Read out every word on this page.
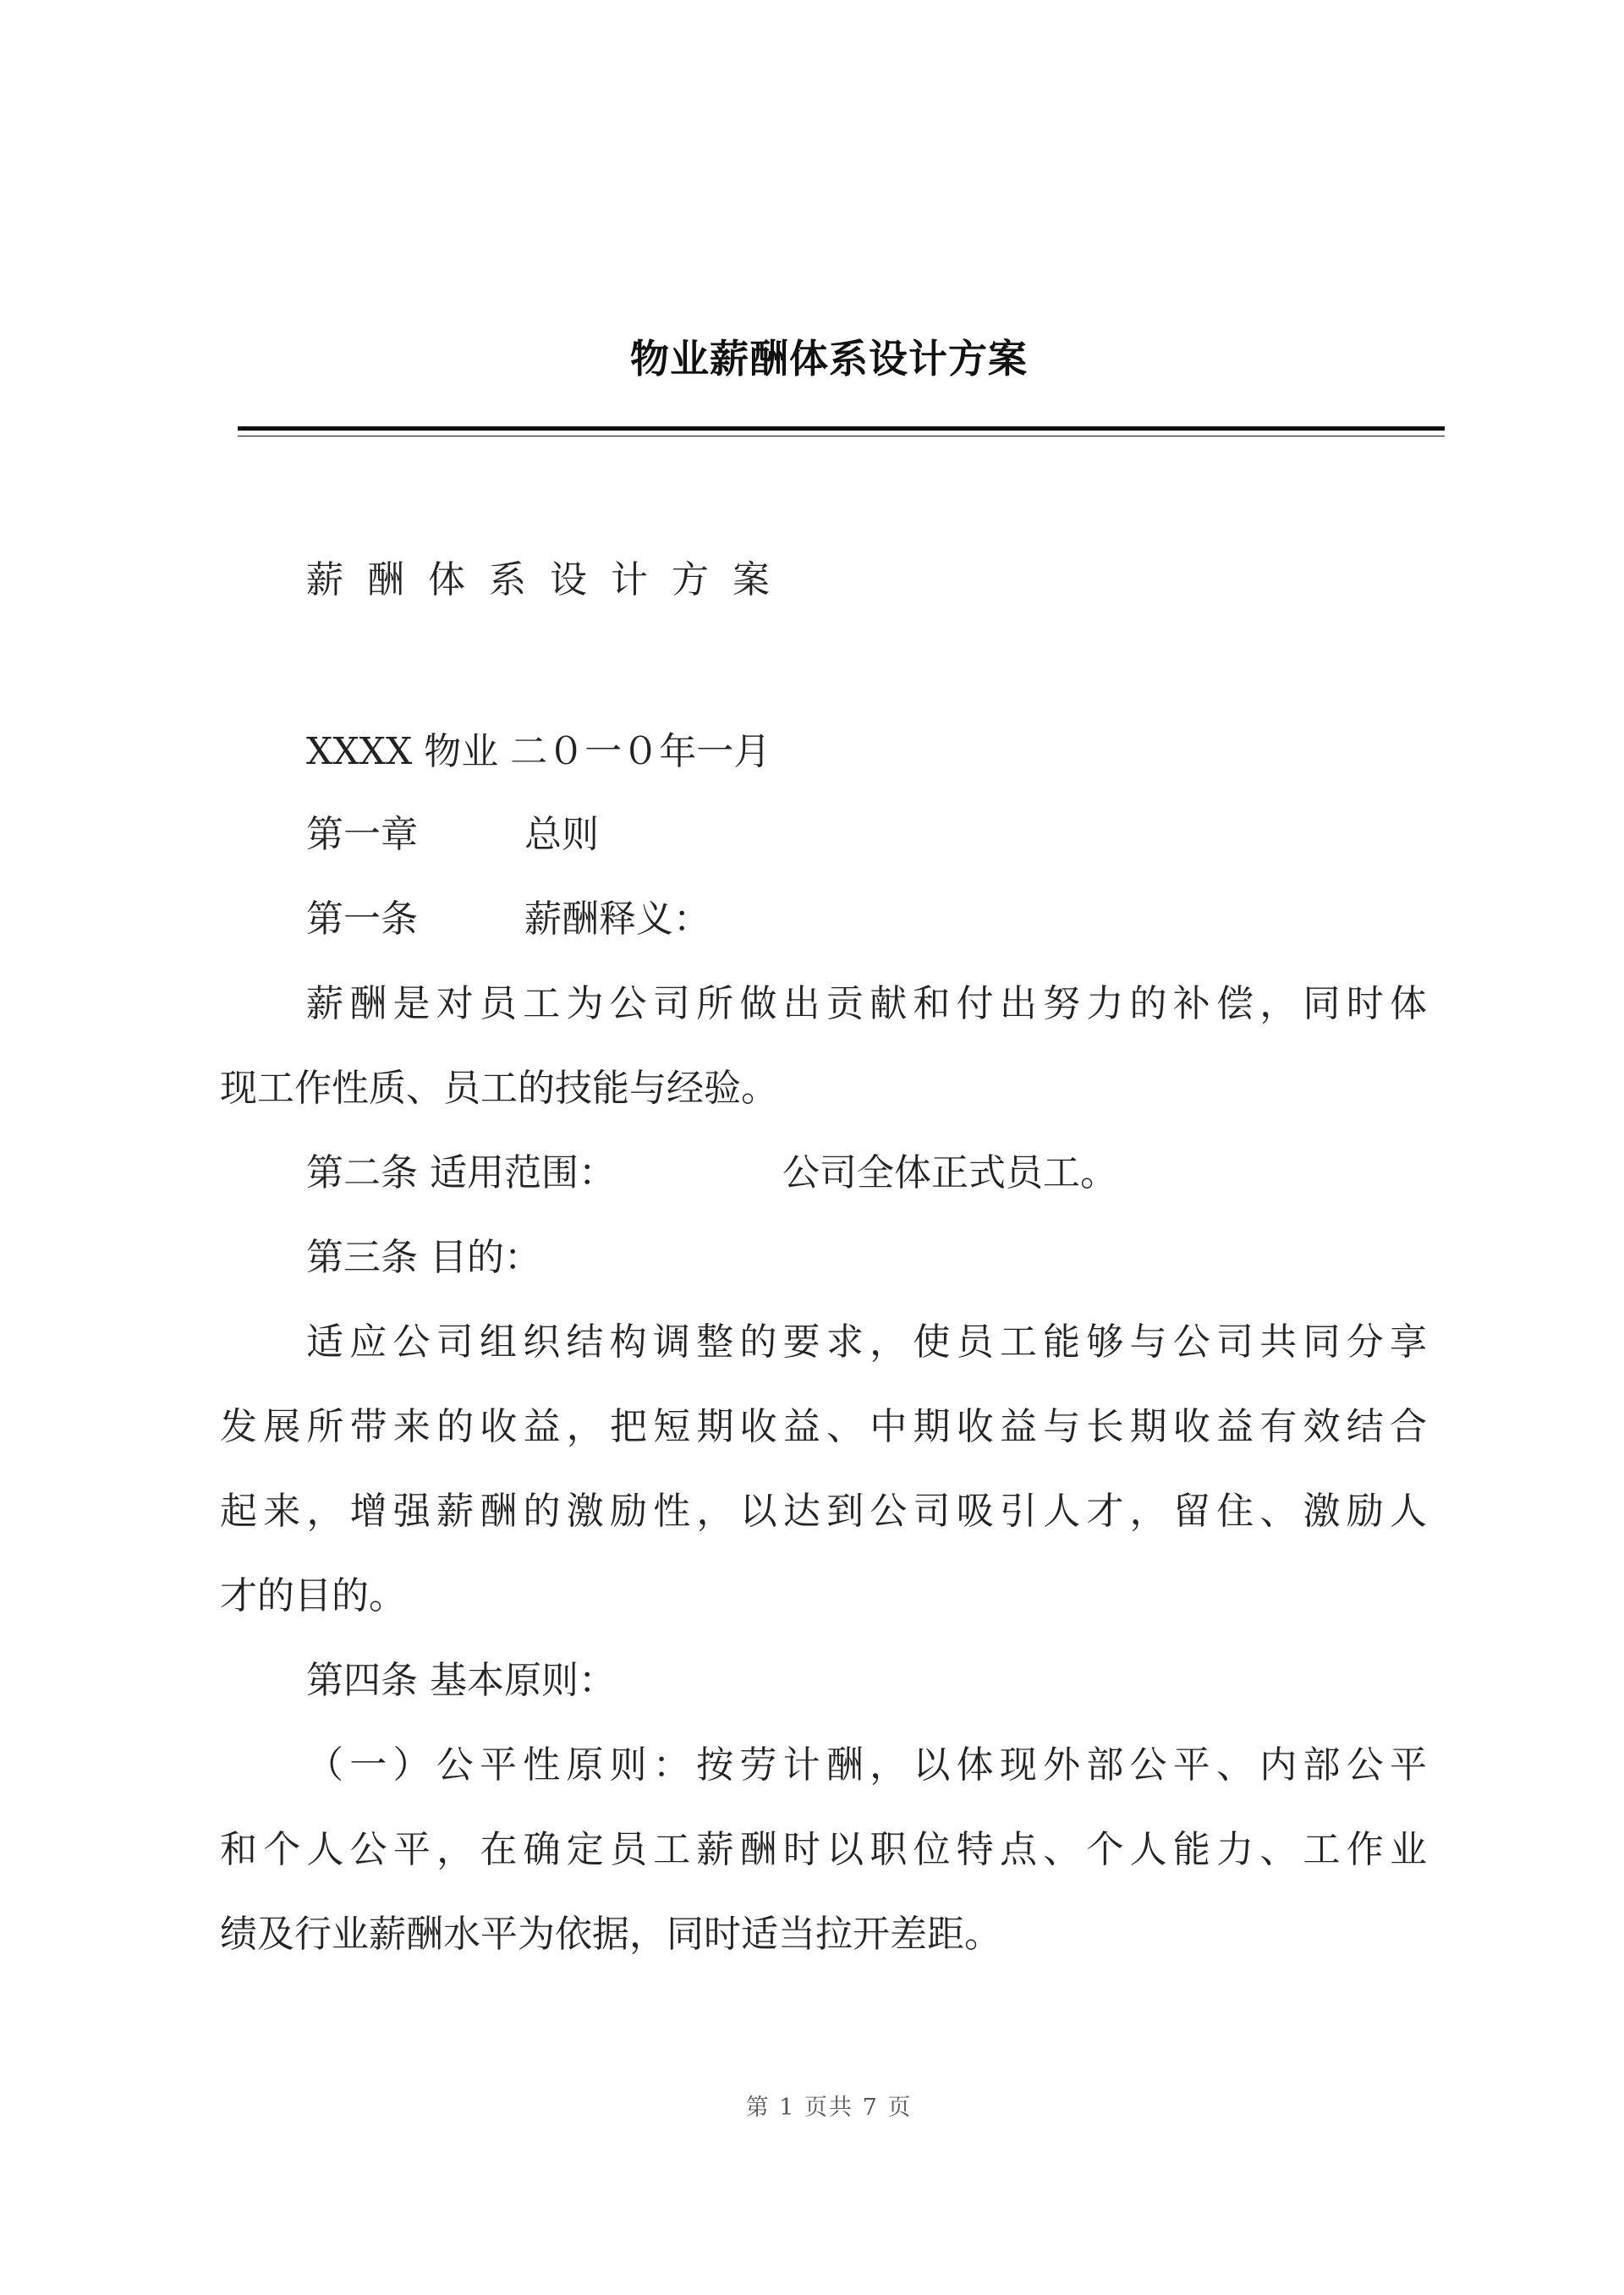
物业薪酬体系设计方案
薪酬体系设计方案
XXXX 物业 二０一０年一月
第一章	总则
第一条	薪酬释义：
薪酬是对员工为公司所做出贡献和付出努力的补偿，同时体
现工作性质、员工的技能与经验。
第二条 适用范围：	公司全体正式员工。
第三条 目的：
适应公司组织结构调整的要求，使员工能够与公司共同分享
发展所带来的收益，把短期收益、中期收益与长期收益有效结合
起来，增强薪酬的激励性，以达到公司吸引人才，留住、激励人
才的目的。
第四条 基本原则：
（一）公平性原则：按劳计酬，以体现外部公平、内部公平
和个人公平，在确定员工薪酬时以职位特点、个人能力、工作业
绩及行业薪酬水平为依据，同时适当拉开差距。
第 1 页共 7 页
